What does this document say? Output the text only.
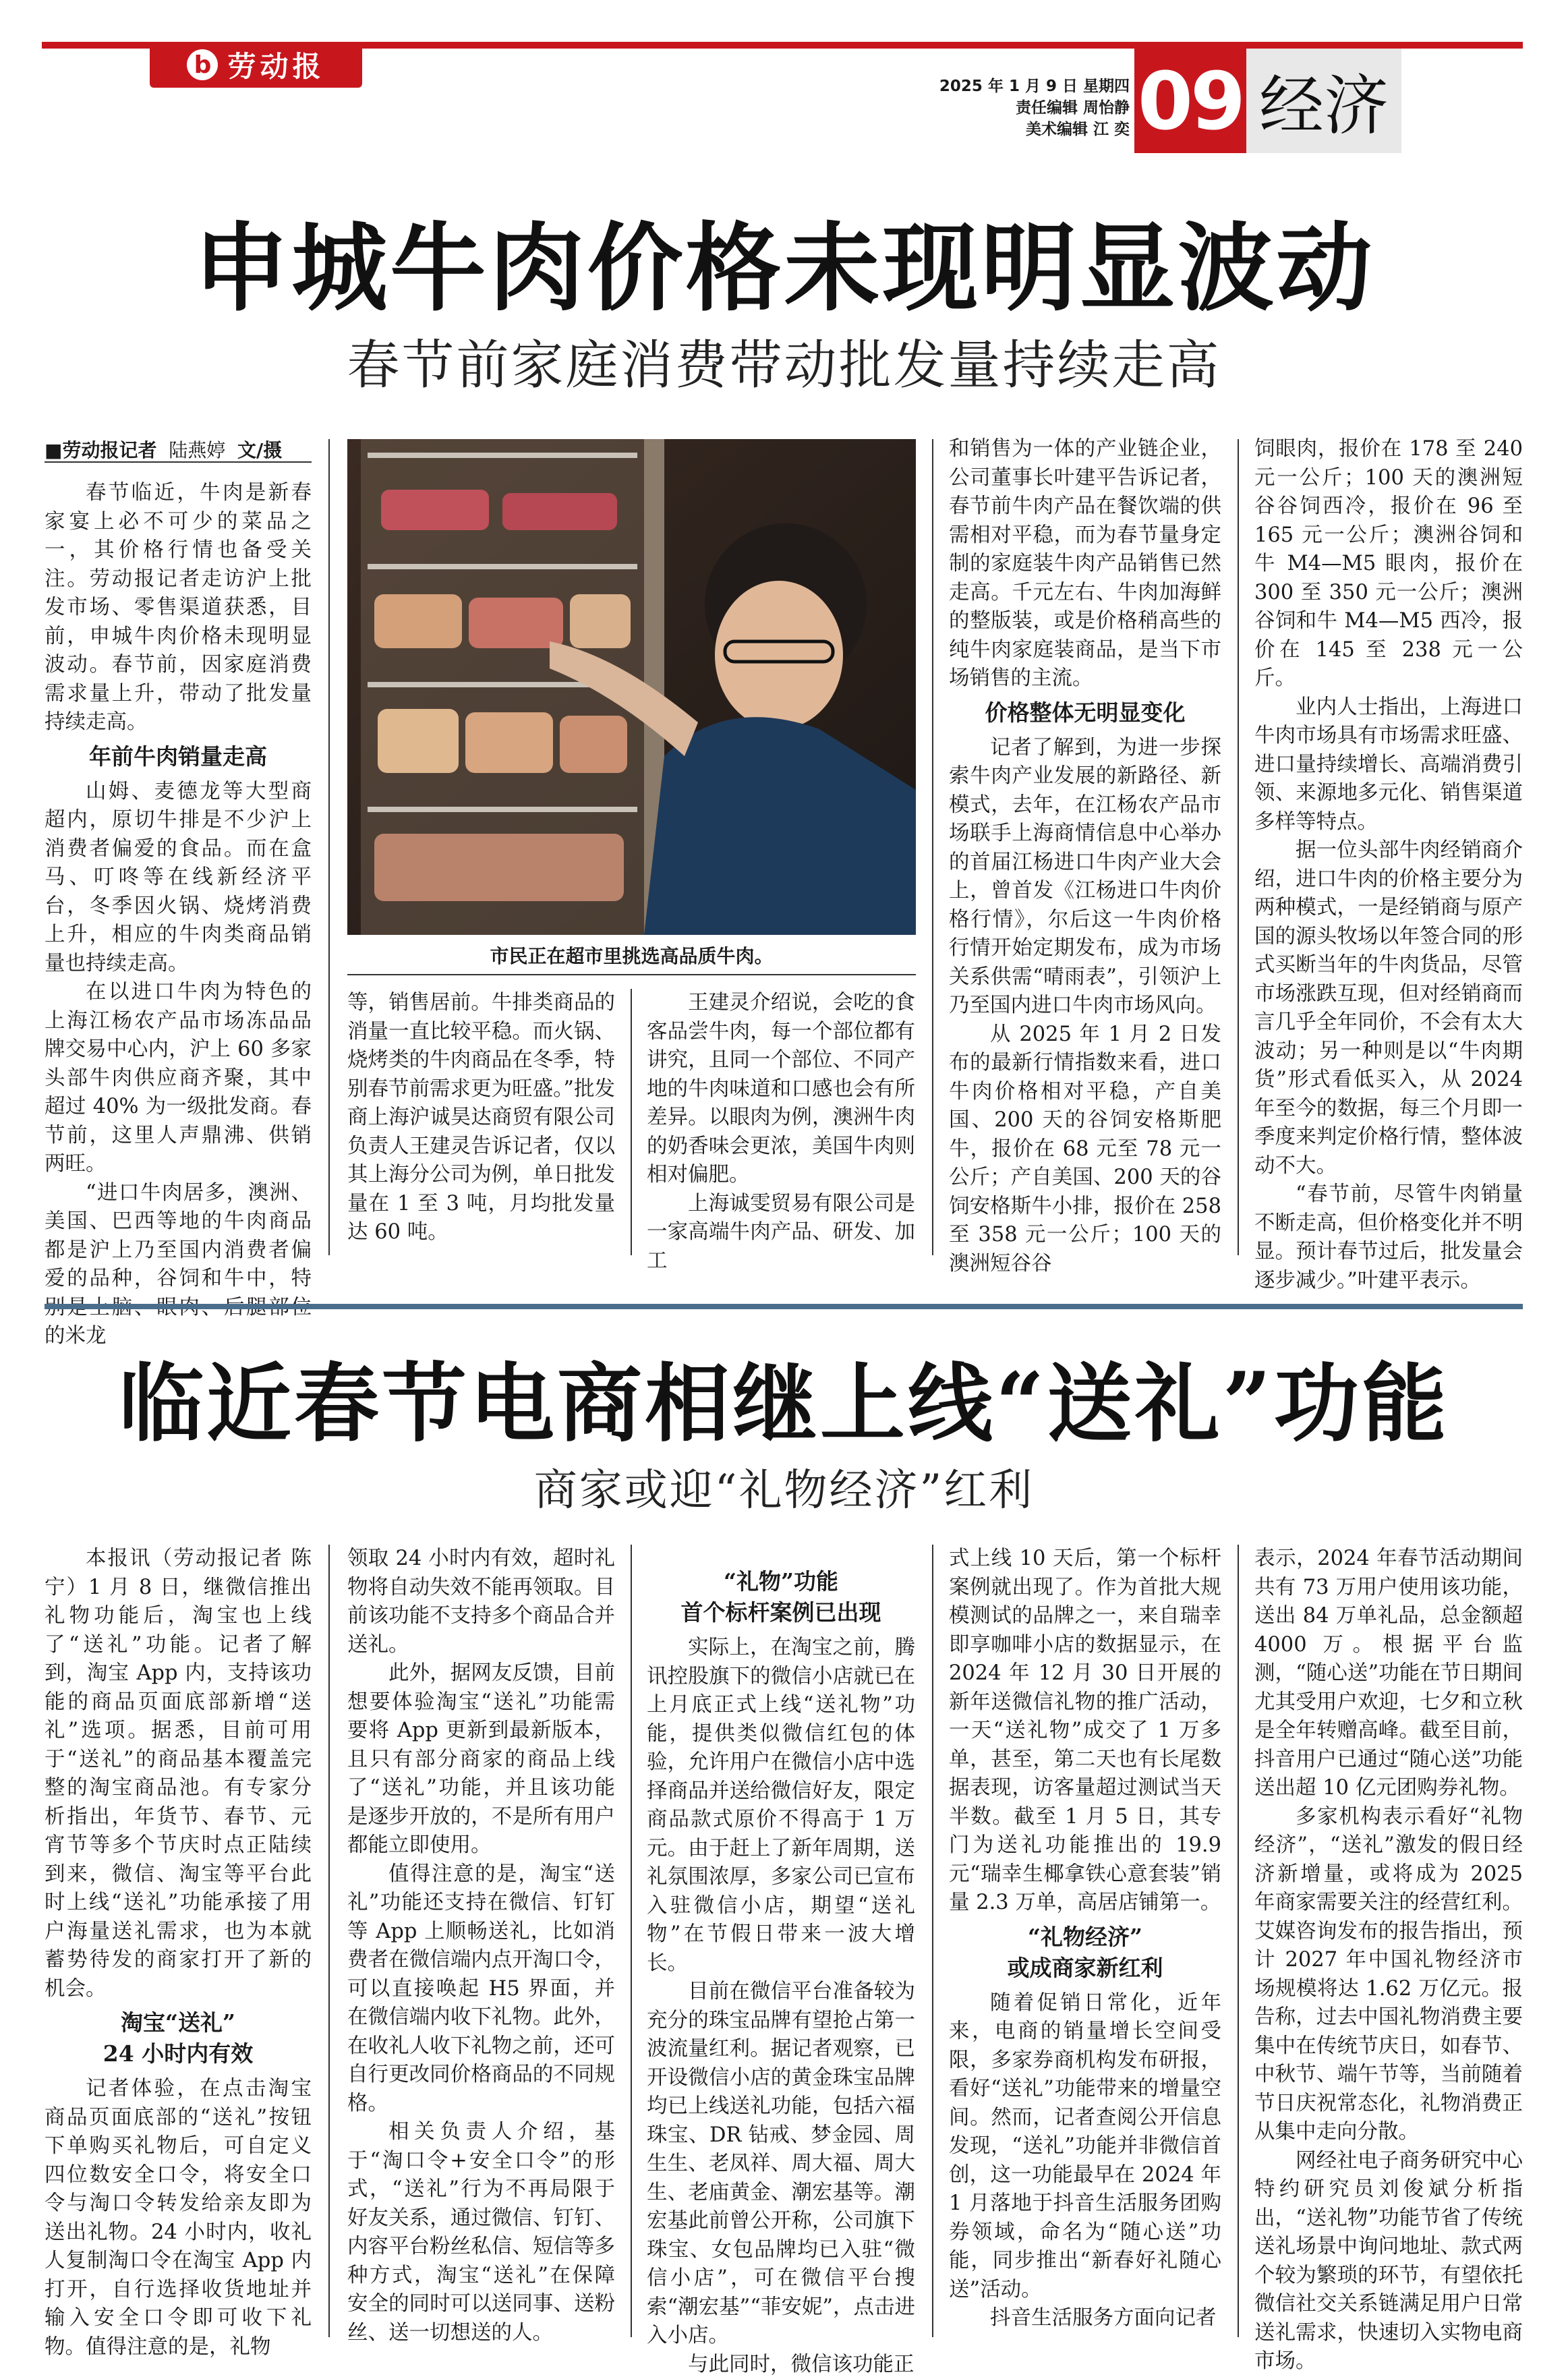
b 劳动报
2025 年 1 月 9 日 星期四
责任编辑 周怡静
美术编辑 江 奕 09 经济
申城牛肉价格未现明显波动
春节前家庭消费带动批发量持续走高
■劳动报记者 陆燕婷 文/摄

春节临近，牛肉是新春家宴上必不可少的菜品之一，其价格行情也备受关注。劳动报记者走访沪上批发市场、零售渠道获悉，目前，申城牛肉价格未现明显波动。春节前，因家庭消费需求量上升，带动了批发量持续走高。

年前牛肉销量走高

山姆、麦德龙等大型商超内，原切牛排是不少沪上消费者偏爱的食品。而在盒马、叮咚等在线新经济平台，冬季因火锅、烧烤消费上升，相应的牛肉类商品销量也持续走高。

在以进口牛肉为特色的上海江杨农产品市场冻品品牌交易中心内，沪上 60 多家头部牛肉供应商齐聚，其中超过 40% 为一级批发商。春节前，这里人声鼎沸、供销两旺。

“进口牛肉居多，澳洲、美国、巴西等地的牛肉商品都是沪上乃至国内消费者偏爱的品种，谷饲和牛中，特 的米龙

市民正在超市里挑选高品质牛肉。

等，销售居前。牛排类商品的消量一直比较平稳。而火锅、烧烤类的牛肉商品在冬季，特别春节前需求更为旺盛。”批发商上海沪诚昊达商贸有限公司负责人王建灵告诉记者，仅以其上海分公司为例，单日批发量在 1 至 3 吨，月均批发量达 60 吨。

王建灵介绍说，会吃的食客品尝牛肉，每一个部位都有讲究，且同一个部位、不同产地的牛肉味道和口感也会有所差异。以眼肉为例，澳洲牛肉的奶香味会更浓，美国牛肉则相对偏肥。

上海诚雯贸易有限公司是一家高端牛肉产品、研发、加工

和销售为一体的产业链企业，公司董事长叶建平告诉记者，春节前牛肉产品在餐饮端的供需相对平稳，而为春节量身定制的家庭装牛肉产品销售已然走高。千元左右、牛肉加海鲜的整版装，或是价格稍高些的纯牛肉家庭装商品，是当下市场销售的主流。

价格整体无明显变化

记者了解到，为进一步探索牛肉产业发展的新路径、新模式，去年，在江杨农产品市场联手上海商情信息中心举办的首届江杨进口牛肉产业大会上，曾首发《江杨进口牛肉价格行情》，尔后这一牛肉价格行情开始定期发布，成为市场关系供需“晴雨表”，引领沪上乃至国内进口牛肉市场风向。

从 2025 年 1 月 2 日发布的最新行情指数来看，进口牛肉价格相对平稳，产自美国、200 天的谷饲安格斯肥牛，报价在 68 元至 78 元一公斤；产自美国、200 天的谷饲安格斯牛小排，报价在 258 至 358 元一公斤；100 天的澳洲短谷谷

饲眼肉，报价在 178 至 240 元一公斤；100 天的澳洲短谷谷饲西冷，报价在 96 至 165 元一公斤；澳洲谷饲和牛 M4—M5 眼肉，报价在 300 至 350 元一公斤；澳洲谷饲和牛 M4—M5 西冷，报价在 145 至 238 元一公斤。

业内人士指出，上海进口牛肉市场具有市场需求旺盛、进口量持续增长、高端消费引领、来源地多元化、销售渠道多样等特点。

据一位头部牛肉经销商介绍，进口牛肉的价格主要分为两种模式，一是经销商与原产国的源头牧场以年签合同的形式买断当年的牛肉货品，尽管市场涨跌互现，但对经销商而言几乎全年同价，不会有太大波动；另一种则是以“牛肉期货”形式看低买入，从 2024 年至今的数据，每三个月即一季度来判定价格行情，整体波动不大。

“春节前，尽管牛肉销量不断走高，但价格变化并不明显。预计春节过后，批发量会逐步减少。”叶建平表示。

临近春节电商相继上线“送礼”功能
商家或迎“礼物经济”红利

本报讯（劳动报记者 陈宁）1 月 8 日，继微信推出礼物功能后，淘宝也上线了“送礼”功能。记者了解到，淘宝 App 内，支持该功能的商品页面底部新增“送礼”选项。据悉，目前可用于“送礼”的商品基本覆盖完整的淘宝商品池。有专家分析指出，年货节、春节、元宵节等多个节庆时点正陆续到来，微信、淘宝等平台此时上线“送礼”功能承接了用户海量送礼需求，也为本就蓄势待发的商家打开了新的机会。

淘宝“送礼”
24 小时内有效

记者体验，在点击淘宝商品页面底部的“送礼”按钮下单购买礼物后，可自定义四位数安全口令，将安全口令与淘口令转发给亲友即为送出礼物。24 小时内，收礼人复制淘口令在淘宝 App 内打开，自行选择收货地址并输入安全口令即可收下礼物。值得注意的是，礼物

领取 24 小时内有效，超时礼物将自动失效不能再领取。目前该功能不支持多个商品合并送礼。

此外，据网友反馈，目前想要体验淘宝“送礼”功能需要将 App 更新到最新版本，且只有部分商家的商品上线了“送礼”功能，并且该功能是逐步开放的，不是所有用户都能立即使用。

值得注意的是，淘宝“送礼”功能还支持在微信、钉钉等 App 上顺畅送礼，比如消费者在微信端内点开淘口令，可以直接唤起 H5 界面，并在微信端内收下礼物。此外，在收礼人收下礼物之前，还可自行更改同价格商品的不同规格。

相关负责人介绍，基于“淘口令+安全口令”的形式，“送礼”行为不再局限于好友关系，通过微信、钉钉、内容平台粉丝私信、短信等多种方式，淘宝“送礼”在保障安全的同时可以送同事、送粉丝、送一切想送的人。

“礼物”功能
首个标杆案例已出现

实际上，在淘宝之前，腾讯控股旗下的微信小店就已在上月底正式上线“送礼物”功能，提供类似微信红包的体验，允许用户在微信小店中选择商品并送给微信好友，限定商品款式原价不得高于 1 万元。由于赶上了新年周期，送礼氛围浓厚，多家公司已宣布入驻微信小店，期望“送礼物”在节假日带来一波大增长。

目前在微信平台准备较为充分的珠宝品牌有望抢占第一波流量红利。据记者观察，已开设微信小店的黄金珠宝品牌均已上线送礼功能，包括六福珠宝、DR 钻戒、梦金园、周生生、老凤祥、周大福、周大生、老庙黄金、潮宏基等。潮宏基此前曾公开称，公司旗下珠宝、女包品牌均已入驻“微信小店”，可在微信平台搜索“潮宏基”“菲安妮”，点击进入小店。

与此同时，微信该功能正

式上线 10 天后，第一个标杆案例就出现了。作为首批大规模测试的品牌之一，来自瑞幸即享咖啡小店的数据显示，在 2024 年 12 月 30 日开展的新年送微信礼物的推广活动，一天“送礼物”成交了 1 万多单，甚至，第二天也有长尾数据表现，访客量超过测试当天半数。截至 1 月 5 日，其专门为送礼功能推出的 19.9 元“瑞幸生椰拿铁心意套装”销量 2.3 万单，高居店铺第一。

“礼物经济”
或成商家新红利

随着促销日常化，近年来，电商的销量增长空间受限，多家券商机构发布研报，看好“送礼”功能带来的增量空间。然而，记者查阅公开信息发现，“送礼”功能并非微信首创，这一功能最早在 2024 年 1 月落地于抖音生活服务团购券领域，命名为“随心送”功能，同步推出“新春好礼随心送”活动。

抖音生活服务方面向记者

表示，2024 年春节活动期间共有 73 万用户使用该功能，送出 84 万单礼品，总金额超 4000 万。根据平台监测，“随心送”功能在节日期间尤其受用户欢迎，七夕和立秋是全年转赠高峰。截至目前，抖音用户已通过“随心送”功能送出超 10 亿元团购券礼物。

多家机构表示看好“礼物经济”，“送礼”激发的假日经济新增量，或将成为 2025 年商家需要关注的经营红利。艾媒咨询发布的报告指出，预计 2027 年中国礼物经济市场规模将达 1.62 万亿元。报告称，过去中国礼物消费主要集中在传统节庆日，如春节、中秋节、端午节等，当前随着节日庆祝常态化，礼物消费正从集中走向分散。

网经社电子商务研究中心特约研究员刘俊斌分析指出，“送礼物”功能节省了传统送礼场景中询问地址、款式两个较为繁琐的环节，有望依托微信社交关系链满足用户日常送礼需求，快速切入实物电商市场。
